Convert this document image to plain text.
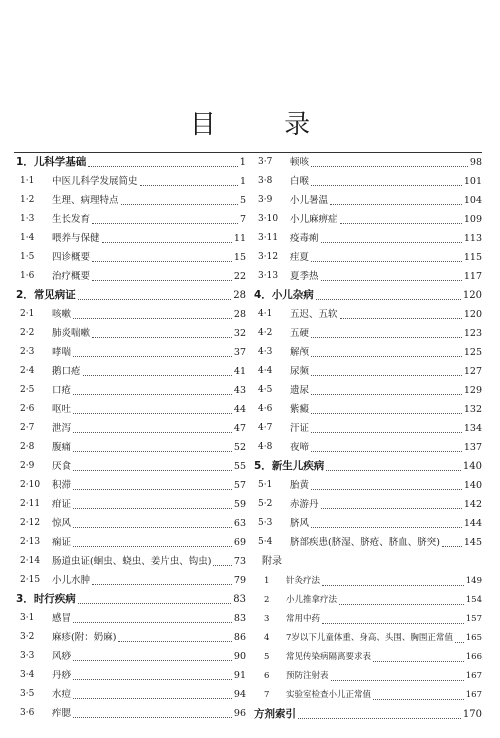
目 录
1． 儿科学基础	1
1·1	中医儿科学发展简史	1
1·2	生理、病理特点	5
1·3	生长发育	7
1·4	喂养与保健	11
1·5	四诊概要	15
1·6	治疗概要	22
2． 常见病证	28
2·1	咳嗽	28
2·2	肺炎喘嗽	32
2·3	哮喘	37
2·4	鹅口疮	41
2·5	口疮	43
2·6	呕吐	44
2·7	泄泻	47
2·8	腹痛	52
2·9	厌食	55
2·10	积滞	57
2·11	疳证	59
2·12	惊风	63
2·13	痫证	69
2·14	肠道虫证(蛔虫、蛲虫、姜片虫、钩虫) 73
2·15	小儿水肿	79
3． 时行疾病	83
3·1	感冒	83
3·2	麻疹(附：奶麻)	86
3·3	风痧	90
3·4	丹痧	91
3·5	水痘	94
3·6	痄腮	96
3·7	顿咳	98
3·8	白喉	101
3·9	小儿暑温	104
3·10	小儿麻痹症	109
3·11	疫毒痢	113
3·12	疰夏	115
3·13	夏季热	117
4． 小儿杂病	120
4·1	五迟、五软	120
4·2	五硬	123
4·3	解颅	125
4·4	尿频	127
4·5	遗尿	129
4·6	紫癜	132
4·7	汗证	134
4·8	夜啼	137
5． 新生儿疾病	140
5·1	胎黄	140
5·2	赤游丹	142
5·3	脐风	144
5·4	脐部疾患(脐湿、脐疮、脐血、脐突)	145
附录
1	针灸疗法	149
2	小儿推拿疗法	154
3	常用中药	157
4	7岁以下儿童体重、身高、头围、胸围正常值 165
5	常见传染病隔离要求表	166
6	预防注射表	167
7	实验室检查小儿正常值	167
方剂索引	170
